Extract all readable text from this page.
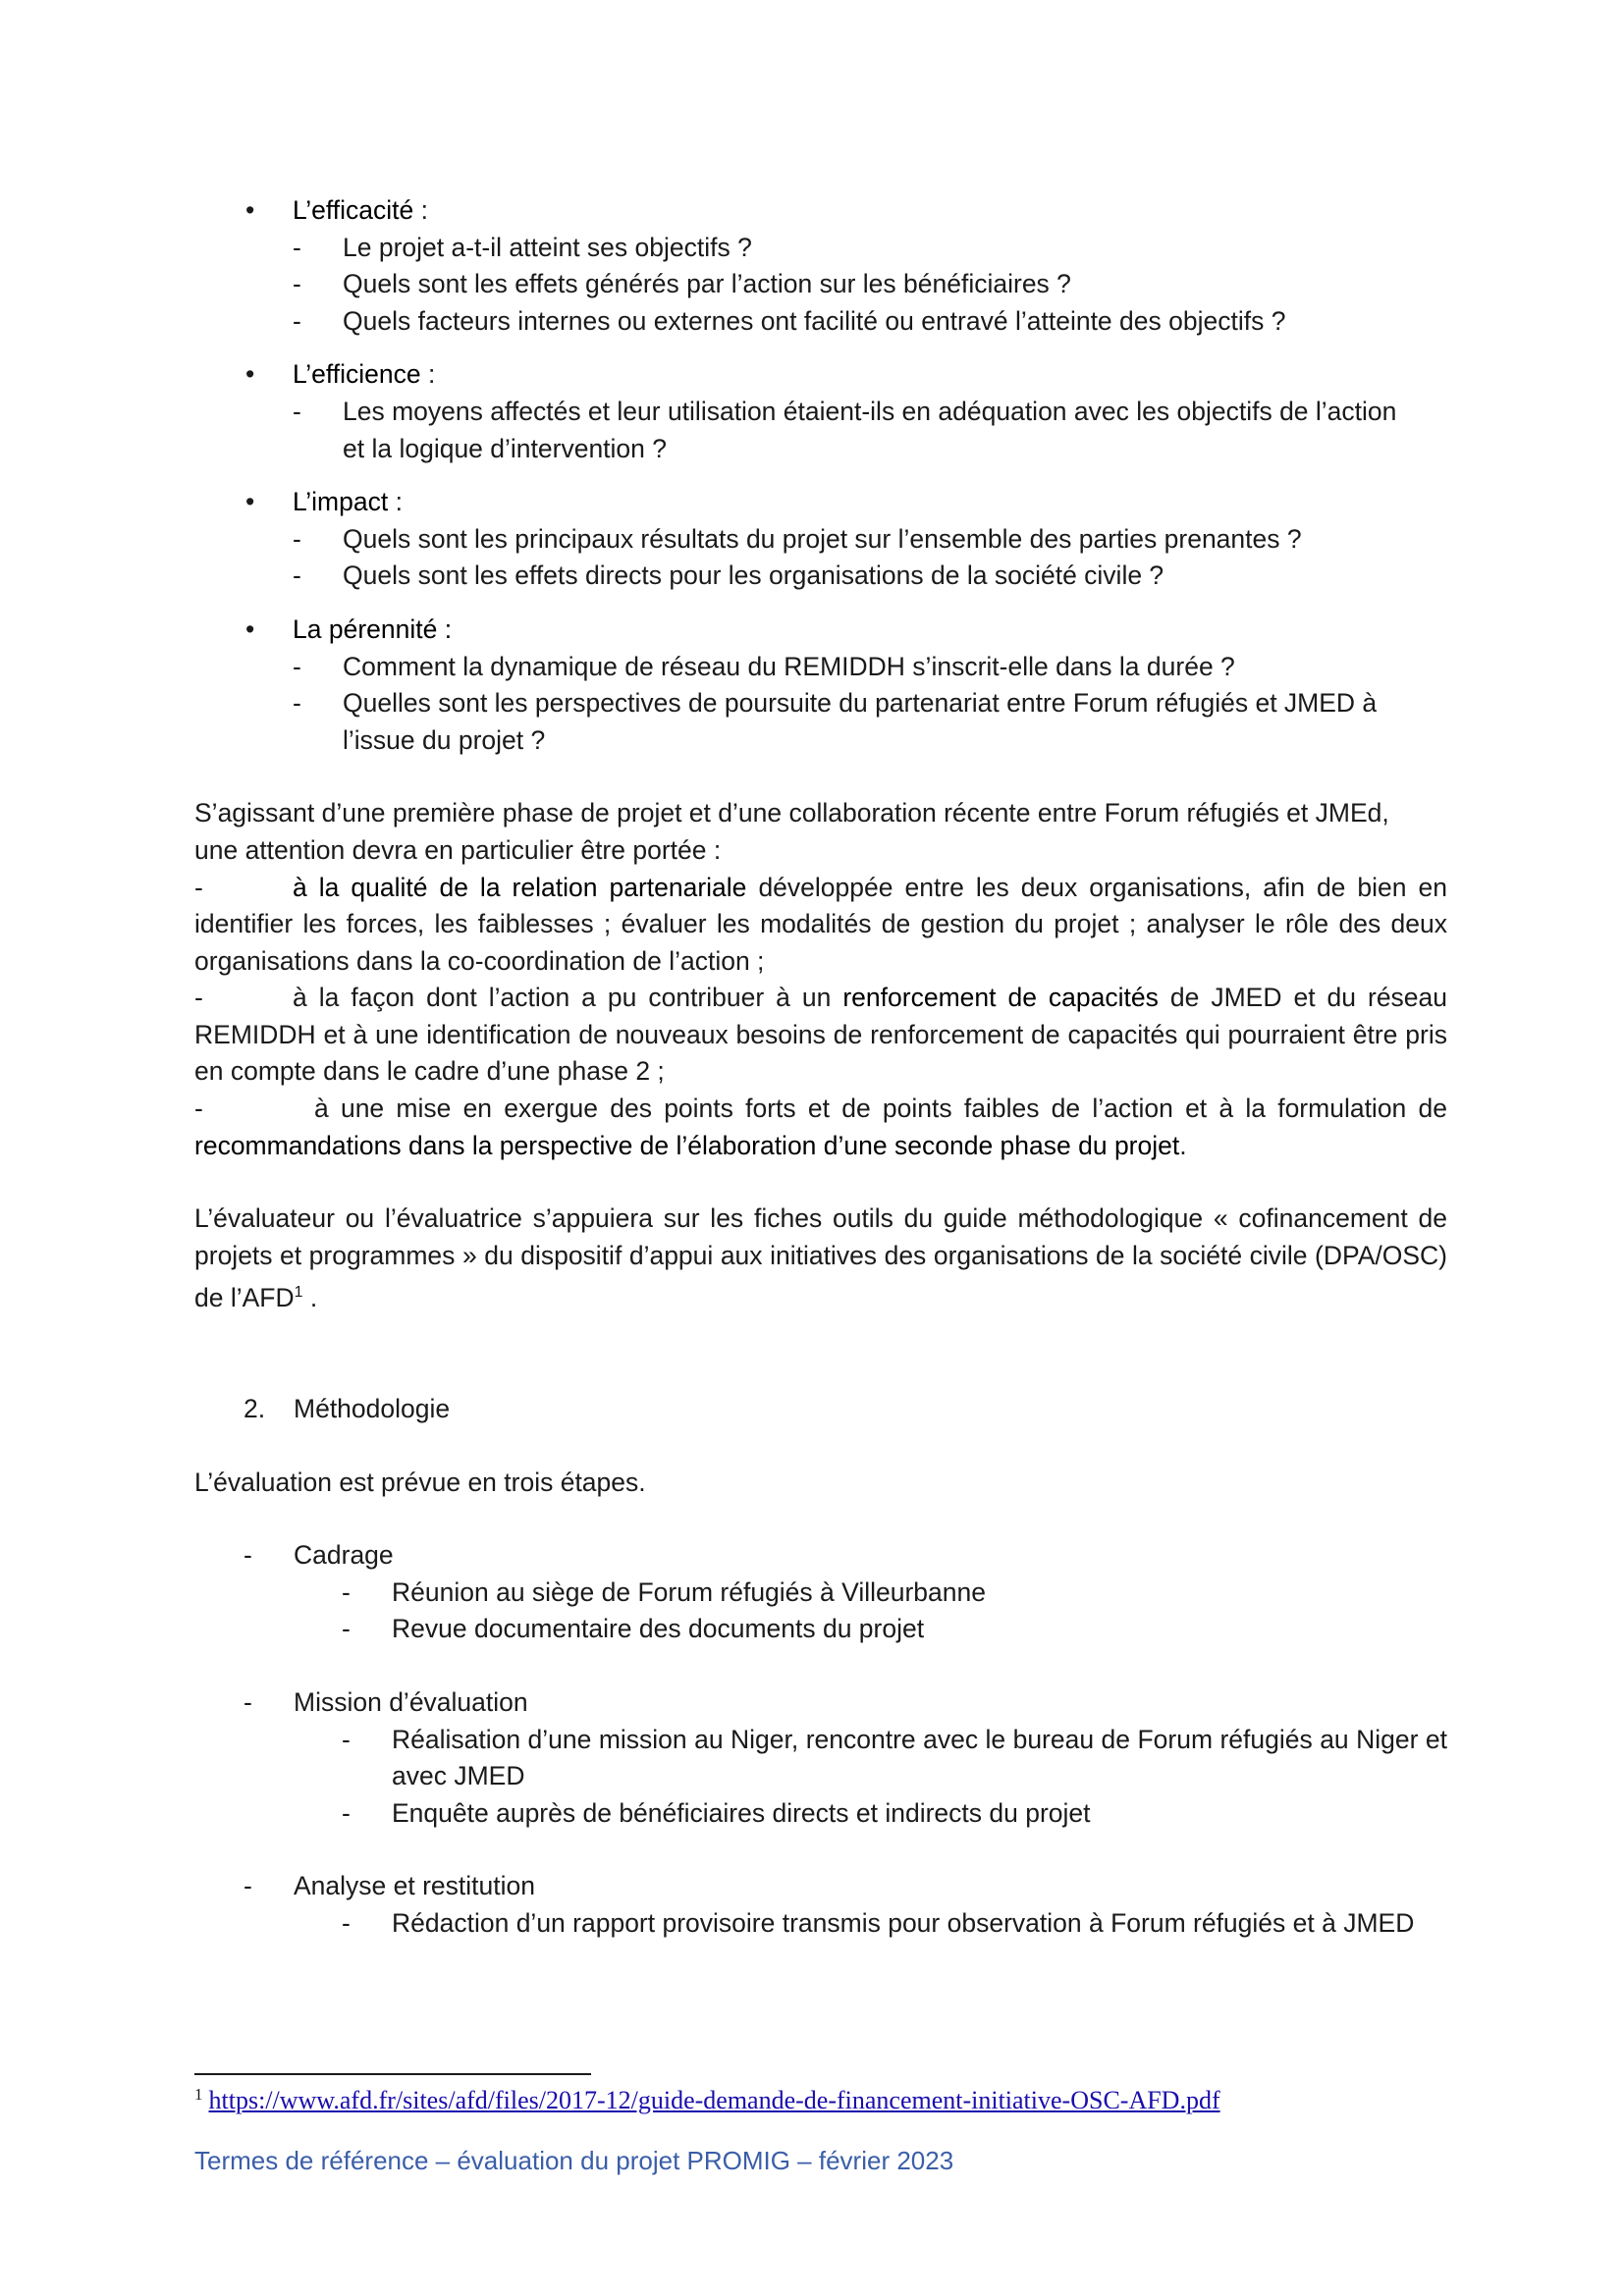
• L’efficacité :

- Le projet a-t-il atteint ses objectifs ?

- Quels sont les effets générés par l’action sur les bénéficiaires ?

- Quels facteurs internes ou externes ont facilité ou entravé l’atteinte des objectifs ?

• L’efficience :

- Les moyens affectés et leur utilisation étaient-ils en adéquation avec les objectifs de l’action

et la logique d’intervention ?

• L’impact :

- Quels sont les principaux résultats du projet sur l’ensemble des parties prenantes ?

- Quels sont les effets directs pour les organisations de la société civile ?

• La pérennité :

- Comment la dynamique de réseau du REMIDDH s’inscrit-elle dans la durée ?

- Quelles sont les perspectives de poursuite du partenariat entre Forum réfugiés et JMED à

l’issue du projet ?

S’agissant d’une première phase de projet et d’une collaboration récente entre Forum réfugiés et JMEd,

une attention devra en particulier être portée :

-	à la qualité de la relation partenariale développée entre les deux organisations, afin de bien en identifier les forces, les faiblesses ; évaluer les modalités de gestion du projet ; analyser le rôle des deux organisations dans la co-coordination de l’action ;

-	à la façon dont l’action a pu contribuer à un renforcement de capacités de JMED et du réseau REMIDDH et à une identification de nouveaux besoins de renforcement de capacités qui pourraient être pris en compte dans le cadre d’une phase 2 ;

-	à une mise en exergue des points forts et de points faibles de l’action et à la formulation de recommandations dans la perspective de l’élaboration d’une seconde phase du projet.

L’évaluateur ou l’évaluatrice s’appuiera sur les fiches outils du guide méthodologique « cofinancement de projets et programmes » du dispositif d’appui aux initiatives des organisations de la société civile (DPA/OSC) de l’AFD$^1$ .

2. Méthodologie

L’évaluation est prévue en trois étapes.

- Cadrage

- Réunion au siège de Forum réfugiés à Villeurbanne

- Revue documentaire des documents du projet

- Mission d’évaluation

- Réalisation d’une mission au Niger, rencontre avec le bureau de Forum réfugiés au Niger et avec JMED

- Enquête auprès de bénéficiaires directs et indirects du projet

- Analyse et restitution

- Rédaction d’un rapport provisoire transmis pour observation à Forum réfugiés et à JMED

$^1$ https://www.afd.fr/sites/afd/files/2017-12/guide-demande-de-financement-initiative-OSC-AFD.pdf
Termes de référence – évaluation du projet PROMIG – février 2023
